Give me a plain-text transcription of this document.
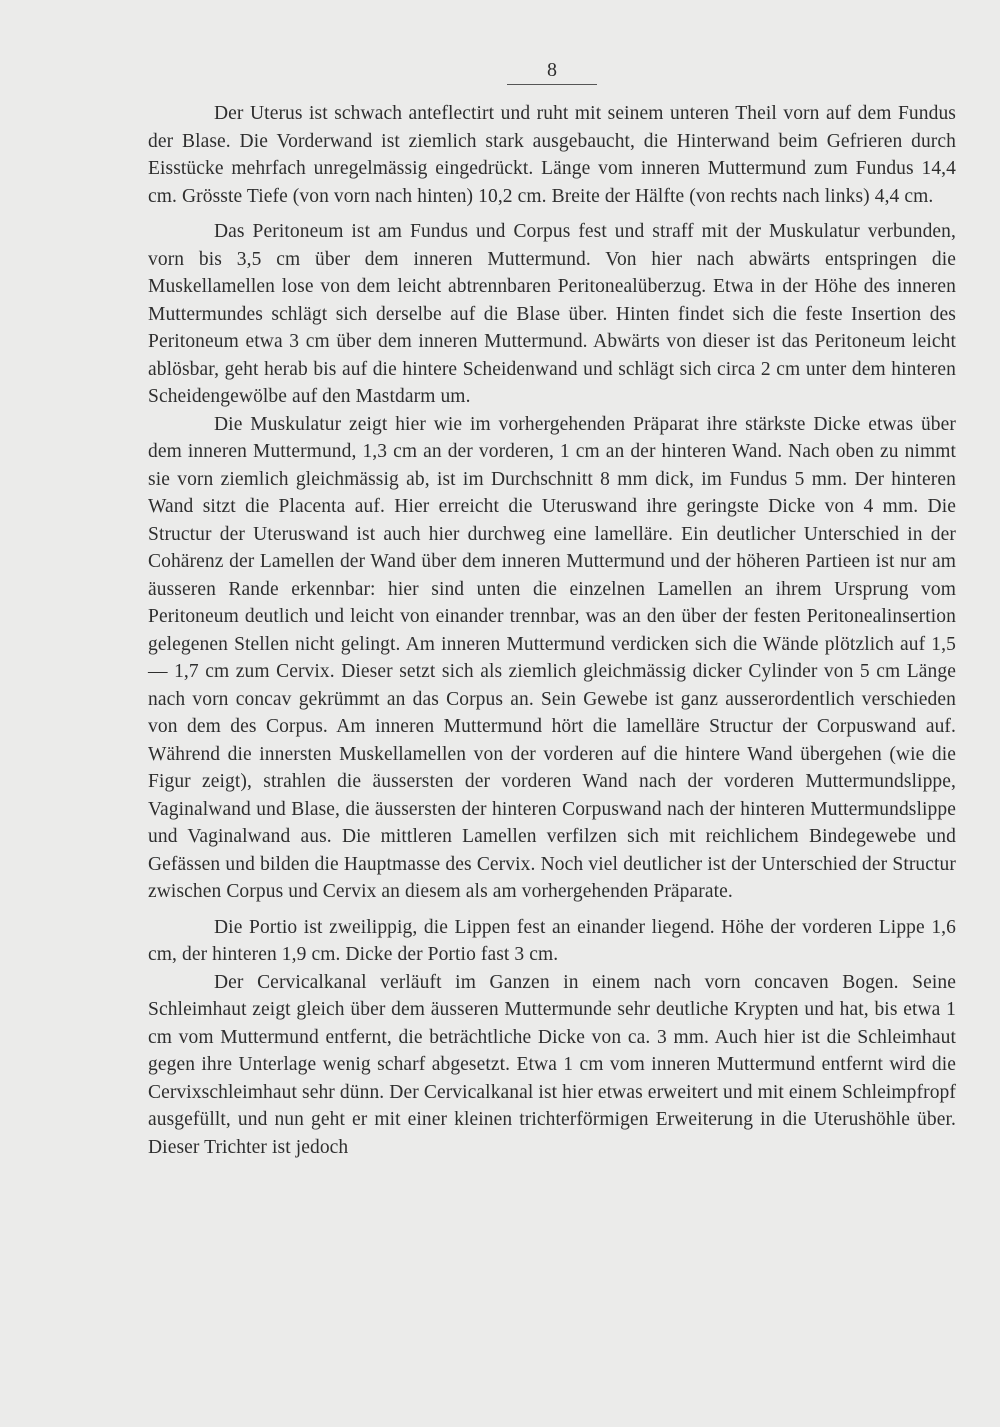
8

Der Uterus ist schwach anteflectirt und ruht mit seinem unteren Theil vorn auf dem Fundus der Blase. Die Vorderwand ist ziemlich stark ausgebaucht, die Hinterwand beim Gefrieren durch Eisstücke mehrfach unregelmässig eingedrückt. Länge vom inneren Muttermund zum Fundus 14,4 cm. Grösste Tiefe (von vorn nach hinten) 10,2 cm. Breite der Hälfte (von rechts nach links) 4,4 cm.

Das Peritoneum ist am Fundus und Corpus fest und straff mit der Muskulatur verbunden, vorn bis 3,5 cm über dem inneren Muttermund. Von hier nach abwärts entspringen die Muskellamellen lose von dem leicht abtrennbaren Peritonealüberzug. Etwa in der Höhe des inneren Muttermundes schlägt sich derselbe auf die Blase über. Hinten findet sich die feste Insertion des Peritoneum etwa 3 cm über dem inneren Muttermund. Abwärts von dieser ist das Peritoneum leicht ablösbar, geht herab bis auf die hintere Scheidenwand und schlägt sich circa 2 cm unter dem hinteren Scheidengewölbe auf den Mastdarm um.

Die Muskulatur zeigt hier wie im vorhergehenden Präparat ihre stärkste Dicke etwas über dem inneren Muttermund, 1,3 cm an der vorderen, 1 cm an der hinteren Wand. Nach oben zu nimmt sie vorn ziemlich gleichmässig ab, ist im Durchschnitt 8 mm dick, im Fundus 5 mm. Der hinteren Wand sitzt die Placenta auf. Hier erreicht die Uteruswand ihre geringste Dicke von 4 mm. Die Structur der Uteruswand ist auch hier durchweg eine lamelläre. Ein deutlicher Unterschied in der Cohärenz der Lamellen der Wand über dem inneren Muttermund und der höheren Partieen ist nur am äusseren Rande erkennbar: hier sind unten die einzelnen Lamellen an ihrem Ursprung vom Peritoneum deutlich und leicht von einander trennbar, was an den über der festen Peritonealinsertion gelegenen Stellen nicht gelingt. Am inneren Muttermund verdicken sich die Wände plötzlich auf 1,5 — 1,7 cm zum Cervix. Dieser setzt sich als ziemlich gleichmässig dicker Cylinder von 5 cm Länge nach vorn concav gekrümmt an das Corpus an. Sein Gewebe ist ganz ausserordentlich verschieden von dem des Corpus. Am inneren Muttermund hört die lamelläre Structur der Corpuswand auf. Während die innersten Muskellamellen von der vorderen auf die hintere Wand übergehen (wie die Figur zeigt), strahlen die äussersten der vorderen Wand nach der vorderen Muttermundslippe, Vaginalwand und Blase, die äussersten der hinteren Corpuswand nach der hinteren Muttermundslippe und Vaginalwand aus. Die mittleren Lamellen verfilzen sich mit reichlichem Bindegewebe und Gefässen und bilden die Hauptmasse des Cervix. Noch viel deutlicher ist der Unterschied der Structur zwischen Corpus und Cervix an diesem als am vorhergehenden Präparate.

Die Portio ist zweilippig, die Lippen fest an einander liegend. Höhe der vorderen Lippe 1,6 cm, der hinteren 1,9 cm. Dicke der Portio fast 3 cm.

Der Cervicalkanal verläuft im Ganzen in einem nach vorn concaven Bogen. Seine Schleimhaut zeigt gleich über dem äusseren Muttermunde sehr deutliche Krypten und hat, bis etwa 1 cm vom Muttermund entfernt, die beträchtliche Dicke von ca. 3 mm. Auch hier ist die Schleimhaut gegen ihre Unterlage wenig scharf abgesetzt. Etwa 1 cm vom inneren Muttermund entfernt wird die Cervixschleimhaut sehr dünn. Der Cervicalkanal ist hier etwas erweitert und mit einem Schleimpfropf ausgefüllt, und nun geht er mit einer kleinen trichterförmigen Erweiterung in die Uterushöhle über. Dieser Trichter ist jedoch
